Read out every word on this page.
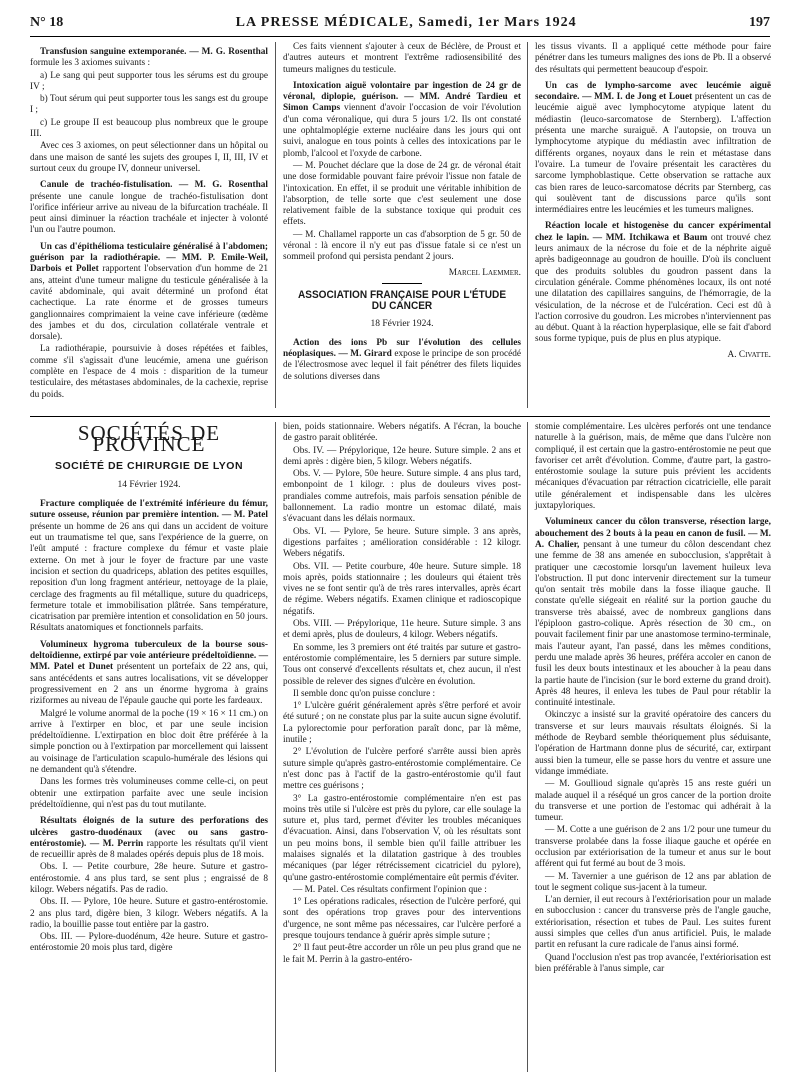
N° 18	LA PRESSE MÉDICALE, Samedi, 1er Mars 1924	197

Transfusion sanguine extemporanée. — M. G. Rosenthal formule les 3 axiomes suivants :

a) Le sang qui peut supporter tous les sérums est du groupe IV ;

b) Tout sérum qui peut supporter tous les sangs est du groupe I ;

c) Le groupe II est beaucoup plus nombreux que le groupe III.

Avec ces 3 axiomes, on peut sélectionner dans un hôpital ou dans une maison de santé les sujets des groupes I, II, III, IV et surtout ceux du groupe IV, donneur universel.

Canule de trachéo-fistulisation. — M. G. Rosenthal présente une canule longue de trachéo-fistulisation dont l'orifice inférieur arrive au niveau de la bifurcation trachéale. Il peut ainsi diminuer la réaction trachéale et injecter à volonté l'un ou l'autre poumon.

Un cas d'épithélioma testiculaire généralisé à l'abdomen; guérison par la radiothérapie. — MM. P. Emile-Weil, Darbois et Pollet rapportent l'observation d'un homme de 21 ans, atteint d'une tumeur maligne du testicule généralisée à la cavité abdominale, qui avait déterminé un profond état cachectique. La rate énorme et de grosses tumeurs ganglionnaires comprimaient la veine cave inférieure (œdème des jambes et du dos, circulation collatérale ventrale et dorsale).

La radiothérapie, poursuivie à doses répétées et faibles, comme s'il s'agissait d'une leucémie, amena une guérison complète en l'espace de 4 mois : disparition de la tumeur testiculaire, des métastases abdominales, de la cachexie, reprise du poids.

Ces faits viennent s'ajouter à ceux de Béclère, de Proust et d'autres auteurs et montrent l'extrême radiosensibilité des tumeurs malignes du testicule.

Intoxication aiguë volontaire par ingestion de 24 gr de véronal, diplopie, guérison. — MM. André Tardieu et Simon Camps viennent d'avoir l'occasion de voir l'évolution d'un coma véronalique, qui dura 5 jours 1/2. Ils ont constaté une ophtalmoplégie externe nucléaire dans les jours qui ont suivi, analogue en tous points à celles des intoxications par le plomb, l'alcool et l'oxyde de carbone.

— M. Pouchet déclare que la dose de 24 gr. de véronal était une dose formidable pouvant faire prévoir l'issue non fatale de l'intoxication. En effet, il se produit une véritable inhibition de l'absorption, de telle sorte que c'est seulement une dose relativement faible de la substance toxique qui produit ces effets.

— M. Challamel rapporte un cas d'absorption de 5 gr. 50 de véronal : là encore il n'y eut pas d'issue fatale si ce n'est un sommeil profond qui persista pendant 2 jours.

Marcel Laemmer.

ASSOCIATION FRANÇAISE POUR L'ÉTUDE DU CANCER
18 Février 1924.

Action des ions Pb sur l'évolution des cellules néoplasiques. — M. Girard expose le principe de son procédé de l'électrosmose avec lequel il fait pénétrer des filets liquides de solutions diverses dans

les tissus vivants. Il a appliqué cette méthode pour faire pénétrer dans les tumeurs malignes des ions de Pb. Il a observé des résultats qui permettent beaucoup d'espoir.

Un cas de lympho-sarcome avec leucémie aiguë secondaire. — MM. I. de Jong et Louet présentent un cas de leucémie aiguë avec lymphocytome atypique latent du médiastin (leuco-sarcomatose de Sternberg). L'affection présenta une marche suraiguë. A l'autopsie, on trouva un lymphocytome atypique du médiastin avec infiltration de différents organes, noyaux dans le rein et métastase dans l'ovaire. La tumeur de l'ovaire présentait les caractères du sarcome lymphoblastique. Cette observation se rattache aux cas bien rares de leuco-sarcomatose décrits par Sternberg, cas qui soulèvent tant de discussions parce qu'ils sont intermédiaires entre les leucémies et les tumeurs malignes.

Réaction locale et histogenèse du cancer expérimental chez le lapin. — MM. Itchikawa et Baum ont trouvé chez leurs animaux de la nécrose du foie et de la néphrite aiguë après badigeonnage au goudron de houille. D'où ils concluent que des produits solubles du goudron passent dans la circulation générale. Comme phénomènes locaux, ils ont noté une dilatation des capillaires sanguins, de l'hémorragie, de la vésiculation, de la nécrose et de l'ulcération. Ceci est dû à l'action corrosive du goudron. Les microbes n'interviennent pas au début. Quant à la réaction hyperplasique, elle se fait d'abord sous forme typique, puis de plus en plus atypique.

A. Civatte.

SOCIÉTÉS DE PROVINCE
SOCIÉTÉ DE CHIRURGIE DE LYON
14 Février 1924.

Fracture compliquée de l'extrémité inférieure du fémur, suture osseuse, réunion par première intention. — M. Patel présente un homme de 26 ans qui dans un accident de voiture eut un traumatisme tel que, sans l'expérience de la guerre, on l'eût amputé : fracture complexe du fémur et vaste plaie externe. On met à jour le foyer de fracture par une vaste incision et section du quadriceps, ablation des petites esquilles, reposition d'un long fragment antérieur, nettoyage de la plaie, cerclage des fragments au fil métallique, suture du quadriceps, fermeture totale et immobilisation plâtrée. Sans température, cicatrisation par première intention et consolidation en 50 jours. Résultats anatomiques et fonctionnels parfaits.

Volumineux hygroma tuberculeux de la bourse sous-deltoïdienne, extirpé par voie antérieure prédeltoïdienne. — MM. Patel et Dunet présentent un portefaix de 22 ans, qui, sans antécédents et sans autres localisations, vit se développer progressivement en 2 ans un énorme hygroma à grains riziformes au niveau de l'épaule gauche qui porte les fardeaux.

Malgré le volume anormal de la poche (19 × 16 × 11 cm.) on arrive à l'extirper en bloc, et par une seule incision prédeltoïdienne. L'extirpation en bloc doit être préférée à la simple ponction ou à l'extirpation par morcellement qui laissent au voisinage de l'articulation scapulo-humérale des lésions qui ne demandent qu'à s'étendre.

Dans les formes très volumineuses comme celle-ci, on peut obtenir une extirpation parfaite avec une seule incision prédeltoïdienne, qui n'est pas du tout mutilante.

Résultats éloignés de la suture des perforations des ulcères gastro-duodénaux (avec ou sans gastro-entérostomie). — M. Perrin rapporte les résultats qu'il vient de recueillir après de 8 malades opérés depuis plus de 18 mois.

Obs. I. — Petite courbure, 28e heure. Suture et gastro-entérostomie. 4 ans plus tard, se sent plus ; engraissé de 8 kilogr. Webers négatifs. Pas de radio.

Obs. II. — Pylore, 10e heure. Suture et gastro-entérostomie. 2 ans plus tard, digère bien, 3 kilogr. Webers négatifs. A la radio, la bouillie passe tout entière par la gastro.

Obs. III. — Pylore-duodénum, 42e heure. Suture et gastro-entérostomie 20 mois plus tard, digère

bien, poids stationnaire. Webers négatifs. A l'écran, la bouche de gastro parait oblitérée.

Obs. IV. — Prépylorique, 12e heure. Suture simple. 2 ans et demi après : digère bien, 5 kilogr. Webers négatifs.

Obs. V. — Pylore, 50e heure. Suture simple. 4 ans plus tard, embonpoint de 1 kilogr. : plus de douleurs vives post-prandiales comme autrefois, mais parfois sensation pénible de ballonnement. La radio montre un estomac dilaté, mais s'évacuant dans les délais normaux.

Obs. VI. — Pylore, 5e heure. Suture simple. 3 ans après, digestions parfaites ; amélioration considérable : 12 kilogr. Webers négatifs.

Obs. VII. — Petite courbure, 40e heure. Suture simple. 18 mois après, poids stationnaire ; les douleurs qui étaient très vives ne se font sentir qu'à de très rares intervalles, après écart de régime. Webers négatifs. Examen clinique et radioscopique négatifs.

Obs. VIII. — Prépylorique, 11e heure. Suture simple. 3 ans et demi après, plus de douleurs, 4 kilogr. Webers négatifs.

En somme, les 3 premiers ont été traités par suture et gastro-entérostomie complémentaire, les 5 derniers par suture simple. Tous ont conservé d'excellents résultats et, chez aucun, il n'est possible de relever des signes d'ulcère en évolution.

Il semble donc qu'on puisse conclure :

1° L'ulcère guérit généralement après s'être perforé et avoir été suturé ; on ne constate plus par la suite aucun signe évolutif. La pylorectomie pour perforation paraît donc, par là même, inutile ;

2° L'évolution de l'ulcère perforé s'arrête aussi bien après suture simple qu'après gastro-entérostomie complémentaire. Ce n'est donc pas à l'actif de la gastro-entérostomie qu'il faut mettre ces guérisons ;

3° La gastro-entérostomie complémentaire n'en est pas moins très utile si l'ulcère est près du pylore, car elle soulage la suture et, plus tard, permet d'éviter les troubles mécaniques d'évacuation. Ainsi, dans l'observation V, où les résultats sont un peu moins bons, il semble bien qu'il faille attribuer les malaises signalés et la dilatation gastrique à des troubles mécaniques (par léger rétrécissement cicatriciel du pylore), qu'une gastro-entérostomie complémentaire eût permis d'éviter.

— M. Patel. Ces résultats confirment l'opinion que :

1° Les opérations radicales, résection de l'ulcère perforé, qui sont des opérations trop graves pour des interventions d'urgence, ne sont même pas nécessaires, car l'ulcère perforé a presque toujours tendance à guérir après simple suture ;

2° Il faut peut-être accorder un rôle un peu plus grand que ne le fait M. Perrin à la gastro-entéro-

stomie complémentaire. Les ulcères perforés ont une tendance naturelle à la guérison, mais, de même que dans l'ulcère non compliqué, il est certain que la gastro-entérostomie ne peut que favoriser cet arrêt d'évolution. Comme, d'autre part, la gastro-entérostomie soulage la suture puis prévient les accidents mécaniques d'évacuation par rétraction cicatricielle, elle parait utile généralement et indispensable dans les ulcères juxtapyloriques.

Volumineux cancer du côlon transverse, résection large, abouchement des 2 bouts à la peau en canon de fusil. — M. A. Chalier, pensant à une tumeur du côlon descendant chez une femme de 38 ans amenée en subocclusion, s'apprêtait à pratiquer une cæcostomie lorsqu'un lavement huileux leva l'obstruction. Il put donc intervenir directement sur la tumeur qu'on sentait très mobile dans la fosse iliaque gauche. Il constate qu'elle siégeait en réalité sur la portion gauche du transverse très abaissé, avec de nombreux ganglions dans l'épiploon gastro-colique. Après résection de 30 cm., on pouvait facilement finir par une anastomose termino-terminale, mais l'auteur ayant, l'an passé, dans les mêmes conditions, perdu une malade après 36 heures, préféra accoler en canon de fusil les deux bouts intestinaux et les aboucher à la peau dans la partie haute de l'incision (sur le bord externe du grand droit). Après 48 heures, il enleva les tubes de Paul pour rétablir la continuité intestinale.

Okinczyc a insisté sur la gravité opératoire des cancers du transverse et sur leurs mauvais résultats éloignés. Si la méthode de Reybard semble théoriquement plus séduisante, l'opération de Hartmann donne plus de sécurité, car, extirpant aussi bien la tumeur, elle se passe hors du ventre et assure une vidange immédiate.

— M. Goullioud signale qu'après 15 ans reste guéri un malade auquel il a réséqué un gros cancer de la portion droite du transverse et une portion de l'estomac qui adhérait à la tumeur.

— M. Cotte a une guérison de 2 ans 1/2 pour une tumeur du transverse prolabée dans la fosse iliaque gauche et opérée en occlusion par extériorisation de la tumeur et anus sur le bout afférent qui fut fermé au bout de 3 mois.

— M. Tavernier a une guérison de 12 ans par ablation de tout le segment colique sus-jacent à la tumeur.

L'an dernier, il eut recours à l'extériorisation pour un malade en subocclusion : cancer du transverse près de l'angle gauche, extériorisation, résection et tubes de Paul. Les suites furent aussi simples que celles d'un anus artificiel. Puis, le malade partit en refusant la cure radicale de l'anus ainsi formé.

Quand l'occlusion n'est pas trop avancée, l'extériorisation est bien préférable à l'anus simple, car
